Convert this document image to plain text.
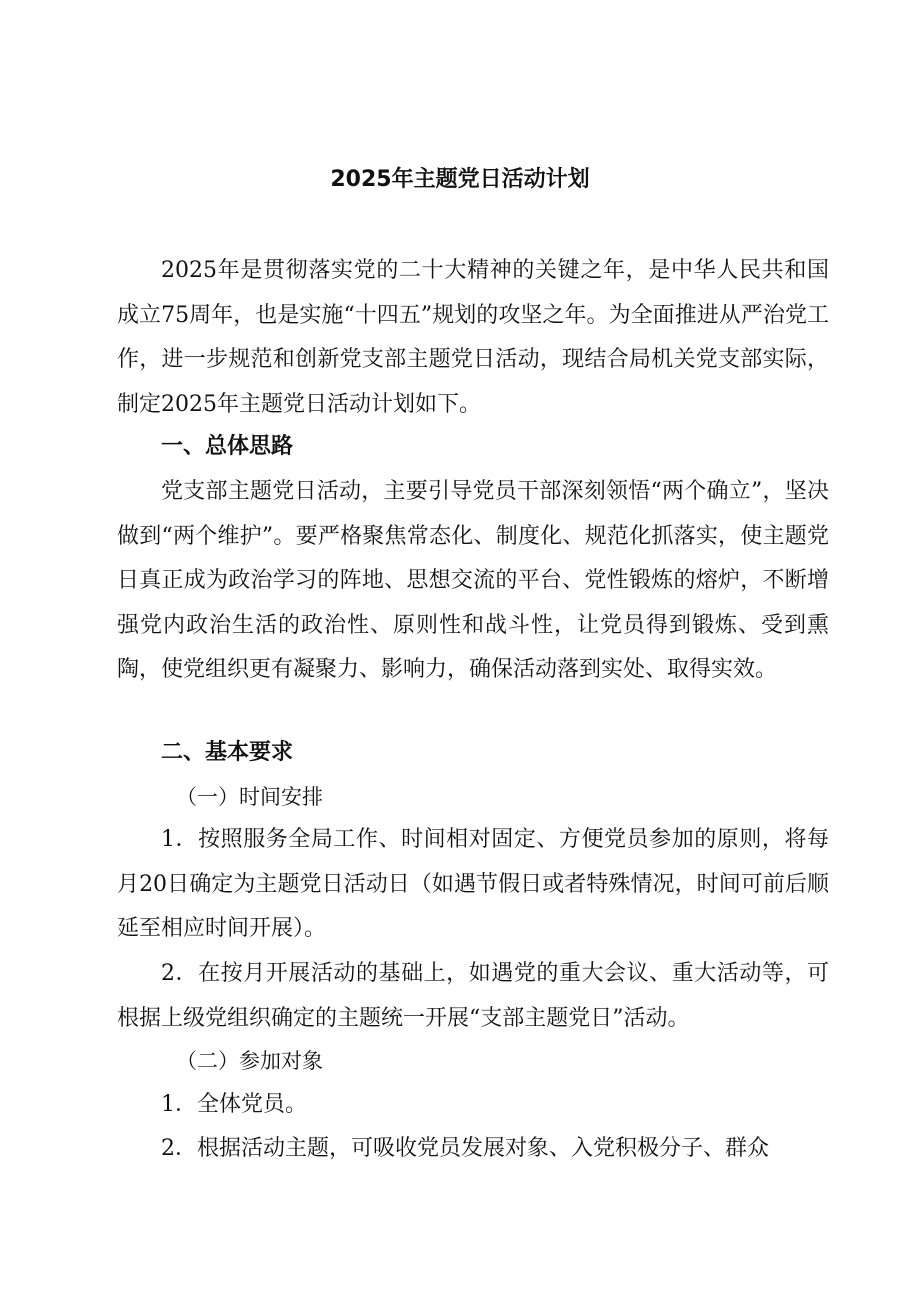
2025年主题党日活动计划

2025年是贯彻落实党的二十大精神的关键之年，是中华人民共和国成立75周年，也是实施“十四五”规划的攻坚之年。为全面推进从严治党工作，进一步规范和创新党支部主题党日活动，现结合局机关党支部实际，制定2025年主题党日活动计划如下。

一、总体思路

党支部主题党日活动，主要引导党员干部深刻领悟“两个确立”，坚决做到“两个维护”。要严格聚焦常态化、制度化、规范化抓落实，使主题党日真正成为政治学习的阵地、思想交流的平台、党性锻炼的熔炉，不断增强党内政治生活的政治性、原则性和战斗性，让党员得到锻炼、受到熏陶，使党组织更有凝聚力、影响力，确保活动落到实处、取得实效。

二、基本要求

（一）时间安排

1．按照服务全局工作、时间相对固定、方便党员参加的原则，将每月20日确定为主题党日活动日（如遇节假日或者特殊情况，时间可前后顺延至相应时间开展）。

2．在按月开展活动的基础上，如遇党的重大会议、重大活动等，可根据上级党组织确定的主题统一开展“支部主题党日”活动。

（二）参加对象

1．全体党员。

2．根据活动主题，可吸收党员发展对象、入党积极分子、群众
